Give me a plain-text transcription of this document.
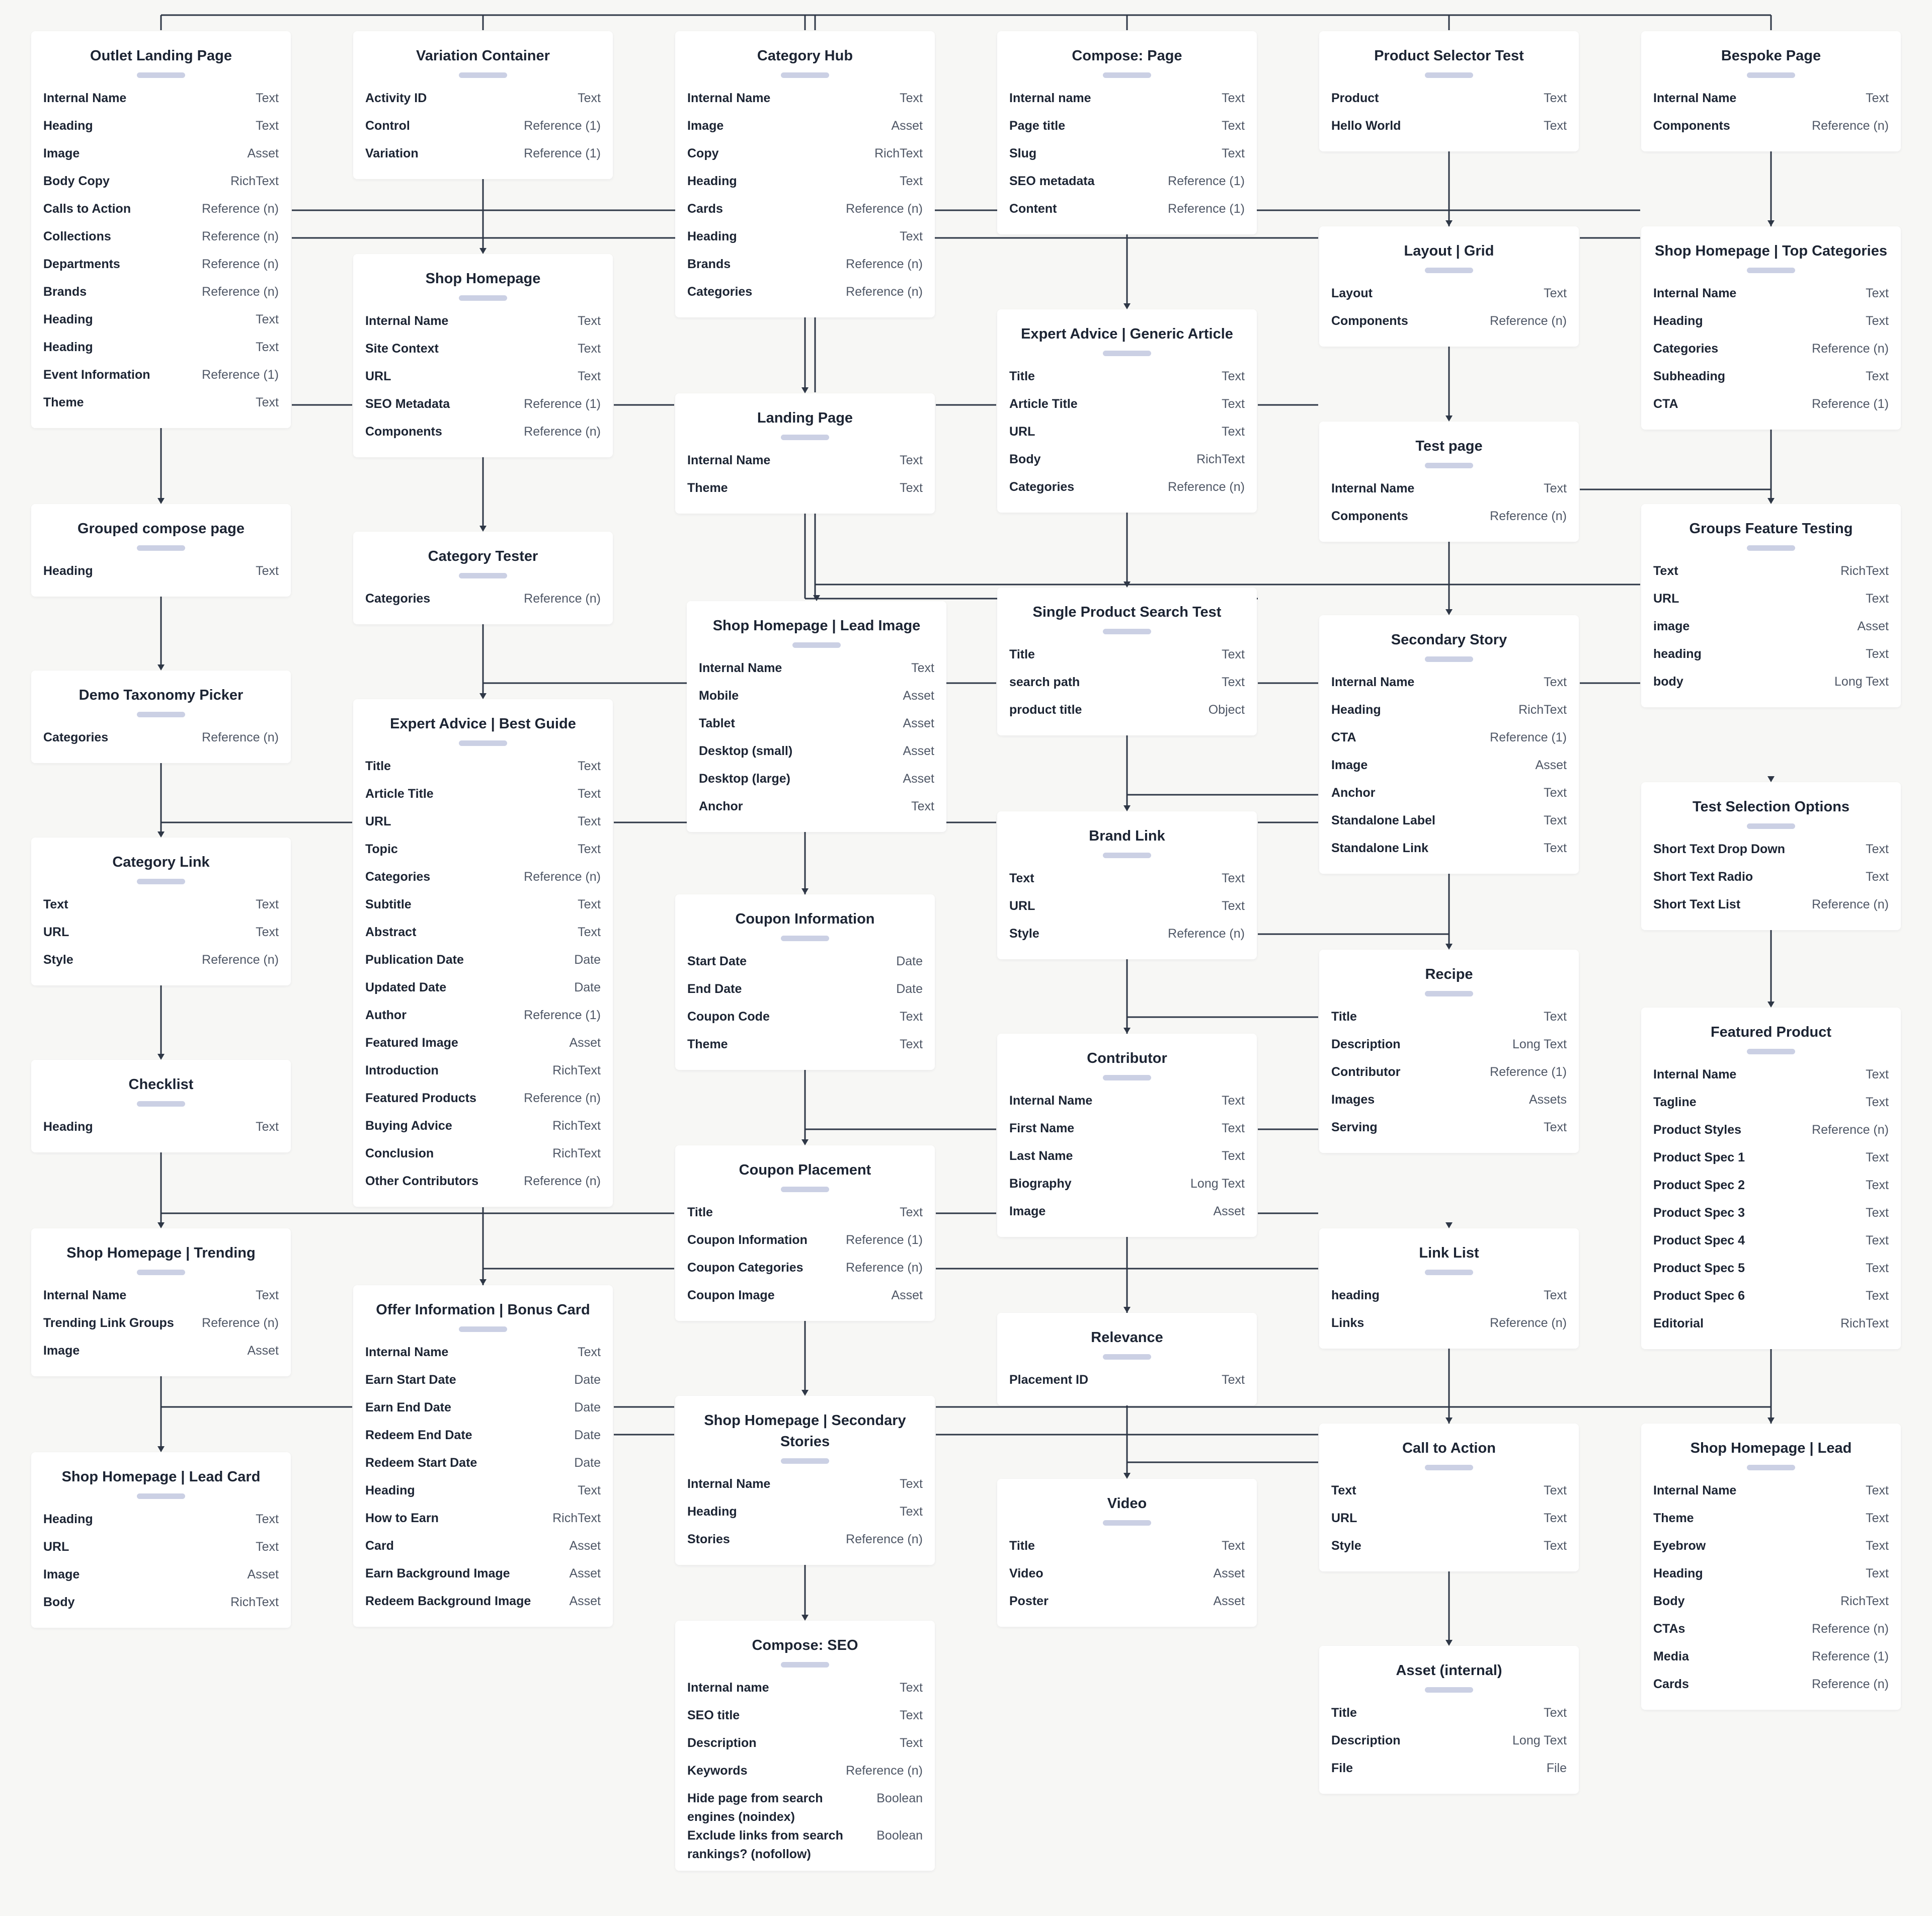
Outlet Landing Page
Internal Name	Text
Heading	Text
Image	Asset
Body Copy	RichText
Calls to Action	Reference (n)
Collections	Reference (n)
Departments	Reference (n)
Brands	Reference (n)
Heading	Text
Heading	Text
Event Information	Reference (1)
Theme	Text
Variation Container
Activity ID	Text
Control	Reference (1)
Variation	Reference (1)
Category Hub
Internal Name	Text
Image	Asset
Copy	RichText
Heading	Text
Cards	Reference (n)
Heading	Text
Brands	Reference (n)
Categories	Reference (n)
Compose: Page
Internal name	Text
Page title	Text
Slug	Text
SEO metadata	Reference (1)
Content	Reference (1)
Product Selector Test
Product	Text
Hello World	Text
Bespoke Page
Internal Name	Text
Components	Reference (n)
Shop Homepage
Internal Name	Text
Site Context	Text
URL	Text
SEO Metadata	Reference (1)
Components	Reference (n)
Layout | Grid
Layout	Text
Components	Reference (n)
Shop Homepage | Top Categories
Internal Name	Text
Heading	Text
Categories	Reference (n)
Subheading	Text
CTA	Reference (1)
Expert Advice | Generic Article
Title	Text
Article Title	Text
URL	Text
Body	RichText
Categories	Reference (n)
Landing Page
Internal Name	Text
Theme	Text
Test page
Internal Name	Text
Components	Reference (n)
Grouped compose page
Heading	Text
Category Tester
Categories	Reference (n)
Groups Feature Testing
Text	RichText
URL	Text
image	Asset
heading	Text
body	Long Text
Single Product Search Test
Title	Text
search path	Text
product title	Object
Shop Homepage | Lead Image
Internal Name	Text
Mobile	Asset
Tablet	Asset
Desktop (small)	Asset
Desktop (large)	Asset
Anchor	Text
Secondary Story
Internal Name	Text
Heading	RichText
CTA	Reference (1)
Image	Asset
Anchor	Text
Standalone Label	Text
Standalone Link	Text
Demo Taxonomy Picker
Categories	Reference (n)
Expert Advice | Best Guide
Title	Text
Article Title	Text
URL	Text
Topic	Text
Categories	Reference (n)
Subtitle	Text
Abstract	Text
Publication Date	Date
Updated Date	Date
Author	Reference (1)
Featured Image	Asset
Introduction	RichText
Featured Products	Reference (n)
Buying Advice	RichText
Conclusion	RichText
Other Contributors	Reference (n)
Test Selection Options
Short Text Drop Down	Text
Short Text Radio	Text
Short Text List	Reference (n)
Brand Link
Text	Text
URL	Text
Style	Reference (n)
Category Link
Text	Text
URL	Text
Style	Reference (n)
Coupon Information
Start Date	Date
End Date	Date
Coupon Code	Text
Theme	Text
Recipe
Title	Text
Description	Long Text
Contributor	Reference (1)
Images	Assets
Serving	Text
Featured Product
Internal Name	Text
Tagline	Text
Product Styles	Reference (n)
Product Spec 1	Text
Product Spec 2	Text
Product Spec 3	Text
Product Spec 4	Text
Product Spec 5	Text
Product Spec 6	Text
Editorial	RichText
Contributor
Internal Name	Text
First Name	Text
Last Name	Text
Biography	Long Text
Image	Asset
Checklist
Heading	Text
Coupon Placement
Title	Text
Coupon Information	Reference (1)
Coupon Categories	Reference (n)
Coupon Image	Asset
Shop Homepage | Trending
Internal Name	Text
Trending Link Groups Reference (n)
Image	Asset
Link List
heading	Text
Links	Reference (n)
Offer Information | Bonus Card
Internal Name	Text
Earn Start Date	Date
Earn End Date	Date
Redeem End Date	Date
Redeem Start Date	Date
Heading	Text
How to Earn	RichText
Card	Asset
Earn Background Image	Asset
Redeem Background Image	Asset
Relevance
Placement ID	Text
Shop Homepage | Secondary Stories
Internal Name	Text
Heading	Text
Stories	Reference (n)
Call to Action
Text	Text
URL	Text
Style	Text
Shop Homepage | Lead
Internal Name	Text
Theme	Text
Eyebrow	Text
Heading	Text
Body	RichText
CTAs	Reference (n)
Media	Reference (1)
Cards	Reference (n)
Shop Homepage | Lead Card
Heading	Text
URL	Text
Image	Asset
Body	RichText
Video
Title	Text
Video	Asset
Poster	Asset
Compose: SEO
Internal name	Text
SEO title	Text
Description	Text
Keywords	Reference (n)
Hide page from search engines (noindex)
Boolean
Exclude links from search rankings? (nofollow)
Boolean
Asset (internal)
Title	Text
Description	Long Text
File	File
